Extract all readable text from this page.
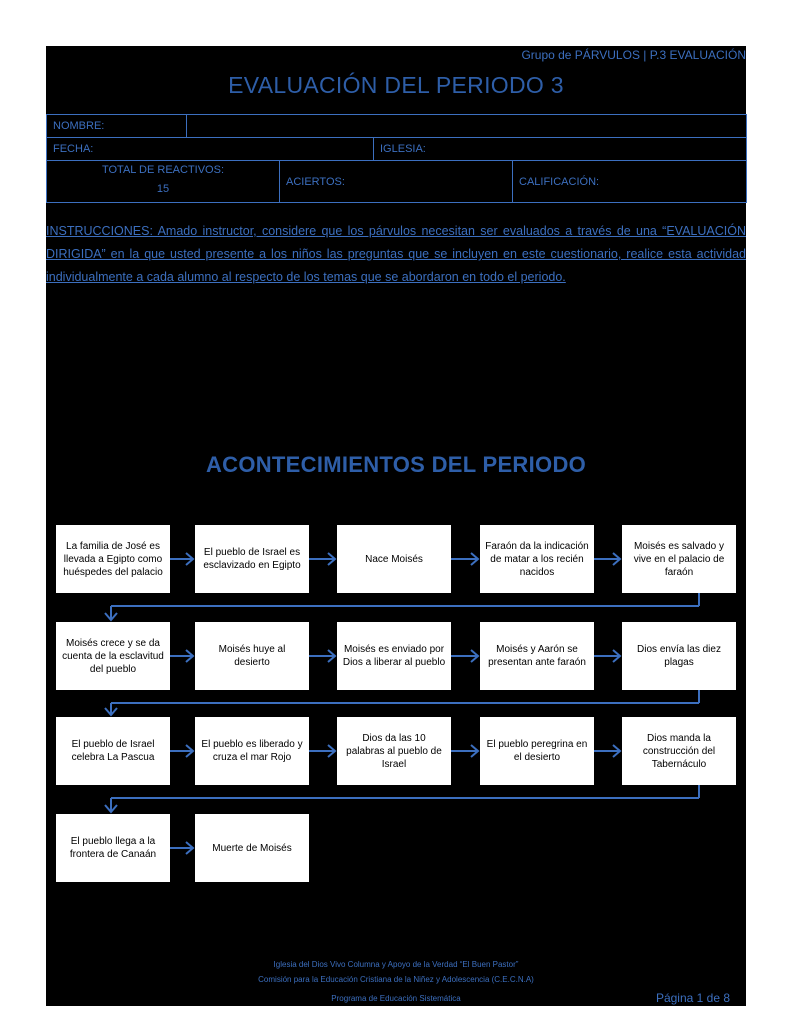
Grupo de PÁRVULOS | P.3 EVALUACIÓN
EVALUACIÓN DEL PERIODO 3
NOMBRE:				
FECHA:			IGLESIA:	

TOTAL DE REACTIVOS:
15		ACIERTOS:		CALIFICACIÓN:
INSTRUCCIONES: Amado instructor, considere que los párvulos necesitan ser evaluados a través de una “EVALUACIÓN DIRIGIDA” en la que usted presente a los niños las preguntas que se incluyen en este cuestionario, realice esta actividad individualmente a cada alumno al respecto de los temas que se abordaron en todo el periodo.
ACONTECIMIENTOS DEL PERIODO
Iglesia del Dios Vivo Columna y Apoyo de la Verdad “El Buen Pastor”
Comisión para la Educación Cristiana de la Niñez y Adolescencia (C.E.C.N.A)
Programa de Educación Sistemática	Página 1 de 8
La familia de José es llevada a Egipto como huéspedes del palacio
El pueblo de Israel es esclavizado en Egipto
Nace Moisés
Faraón da la indicación de matar a los recién nacidos
Moisés es salvado y vive en el palacio de faraón
Moisés crece y se da cuenta de la esclavitud del pueblo
Moisés huye al desierto
Moisés es enviado por Dios a liberar al pueblo
Moisés y Aarón se presentan ante faraón
Dios envía las diez plagas
El pueblo de Israel celebra La Pascua
El pueblo es liberado y cruza el mar Rojo
Dios da las 10 palabras al pueblo de Israel
El pueblo peregrina en el desierto
Dios manda la construcción del Tabernáculo
El pueblo llega a la frontera de Canaán
Muerte de Moisés
